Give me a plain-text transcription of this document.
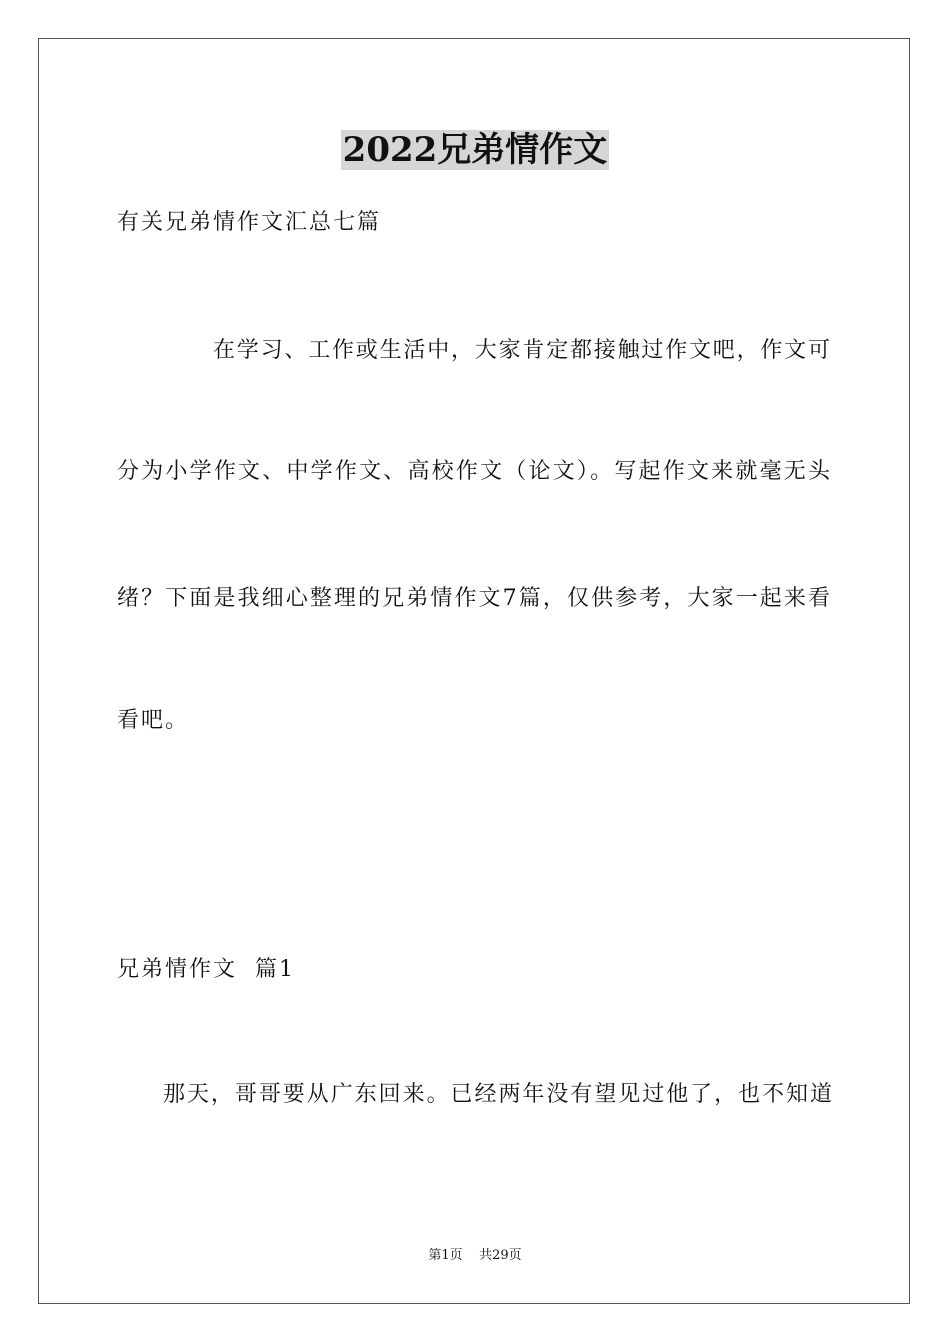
2022兄弟情作文
有关兄弟情作文汇总七篇
在学习、工作或生活中，大家肯定都接触过作文吧，作文可
分为小学作文、中学作文、高校作文（论文）。写起作文来就毫无头
绪？下面是我细心整理的兄弟情作文7篇，仅供参考，大家一起来看
看吧。
兄弟情作文  篇1
那天，哥哥要从广东回来。已经两年没有望见过他了，也不知道
第1页    共29页
